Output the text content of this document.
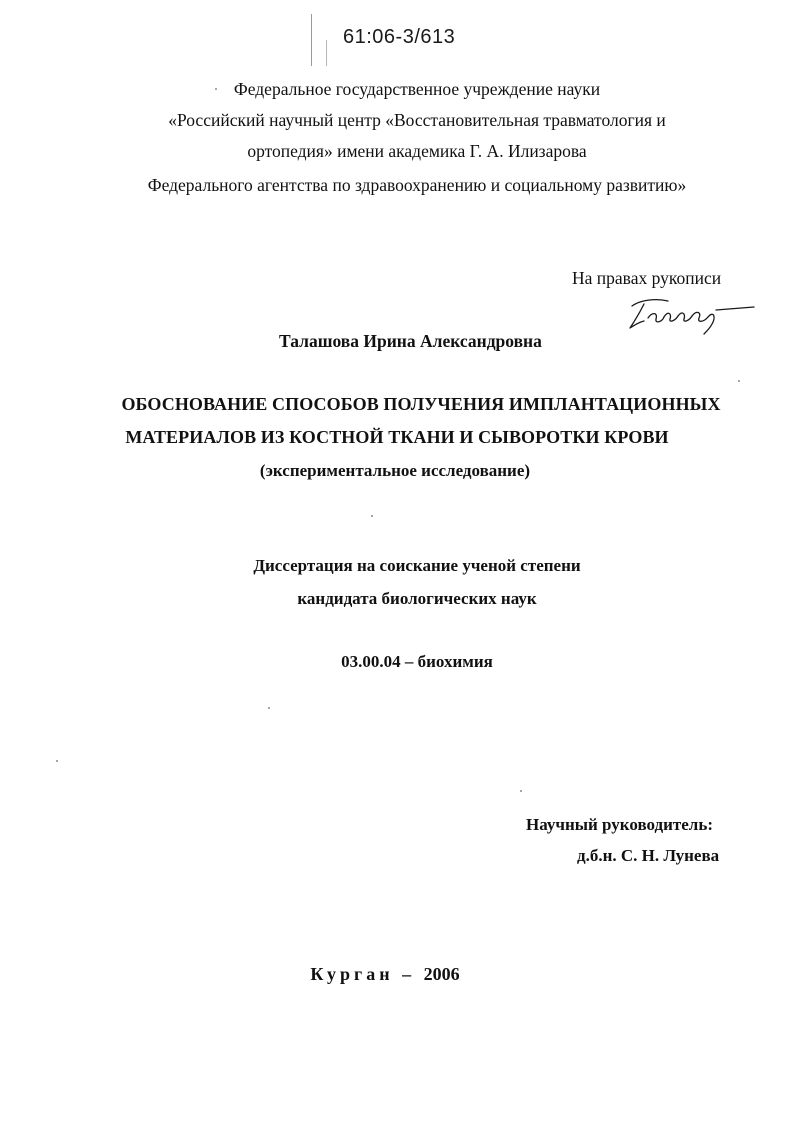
61:06-3/613
Федеральное государственное учреждение науки
«Российский научный центр «Восстановительная травматология и
ортопедия» имени академика Г. А. Илизарова
Федерального агентства по здравоохранению и социальному развитию»
На правах рукописи
Талашова Ирина Александровна
ОБОСНОВАНИЕ СПОСОБОВ ПОЛУЧЕНИЯ ИМПЛАНТАЦИОННЫХ
МАТЕРИАЛОВ ИЗ КОСТНОЙ ТКАНИ И СЫВОРОТКИ КРОВИ
(экспериментальное исследование)
Диссертация на соискание ученой степени
кандидата биологических наук
03.00.04 – биохимия
Научный руководитель:
д.б.н. С. Н. Лунева
Курган – 2006
